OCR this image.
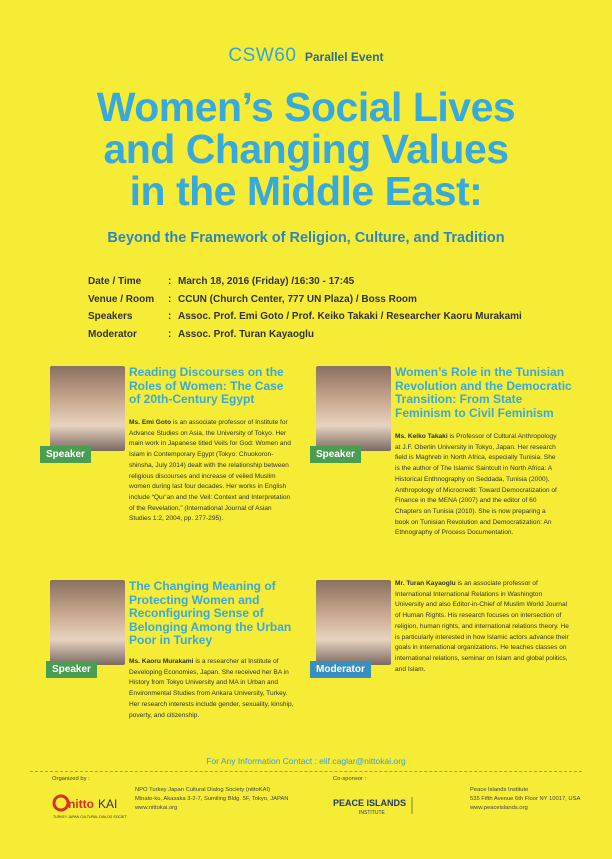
CSW60 Parallel Event
Women’s Social Lives
and Changing Values
in the Middle East:
Beyond the Framework of Religion, Culture, and Tradition
Date / Time	: March 18, 2016 (Friday) /16:30 - 17:45
Venue / Room	: CCUN (Church Center, 777 UN Plaza) / Boss Room
Speakers	: Assoc. Prof. Emi Goto / Prof. Keiko Takaki / Researcher Kaoru Murakami
Moderator	: Assoc. Prof. Turan Kayaoglu
Speaker
Reading Discourses on the Roles of Women: The Case of 20th-Century Egypt
Ms. Emi Goto is an associate professor of Institute for Advance Studies on Asia, the University of Tokyo. Her main work in Japanese titled Veils for God: Women and Islam in Contemporary Egypt (Tokyo: Chuokoron-shinsha, July 2014) dealt with the relationship between religious discourses and increase of veiled Muslim women during last four decades. Her works in English include “Qur’an and the Veil: Context and Interpretation of the Revelation,” (International Journal of Asian Studies 1:2, 2004, pp. 277-295).
Speaker
Women’s Role in the Tunisian Revolution and the Democratic Transition: From State Feminism to Civil Feminism
Ms. Keiko Takaki is Professor of Cultural Anthropology at J.F. Oberlin University in Tokyo, Japan. Her research field is Maghreb in North Africa, especially Tunisia. She is the author of The Islamic Saintcult in North Africa: A Historical Enthnography on Seddada, Tunisia (2000), Anthropology of Microcredit: Toward Democratization of Finance in the MENA (2007) and the editor of 60 Chapters on Tunisia (2010). She is now preparing a book on Tunisian Revolution and Democratization: An Ethnography of Process Documentation.
Speaker
The Changing Meaning of Protecting Women and Reconfiguring Sense of Belonging Among the Urban Poor in Turkey
Ms. Kaoru Murakami is a researcher at Institute of Developing Economies, Japan. She received her BA in History from Tokyo University and MA in Urban and Environmental Studies from Ankara University, Turkey. Her research interests include gender, sexuality, kinship, poverty, and citizenship.
Moderator
Mr. Turan Kayaoglu is an associate professor of International International Relations in Washington University and also Editor-in-Chief of Muslim World Journal of Human Rights. His research focuses on intersection of religion, human rights, and international relations theory. He is particularly interested in how Islamic actors advance their goals in international organizations. He teaches classes on international relations, seminar on Islam and global politics, and Islam.
For Any Information Contact : elif.caglar@nittokai.org
Organized by :
nitto KAI
TURKEY JAPAN CULTURAL DIALOG SOCIETY
NPO Turkey Japan Cultural Dialog Society (nittoKAI)
Minato-ku, Akasaka 3-2-7, Sumiling Bldg. 5F, Tokyo, JAPAN
www.nittokai.org
Co-sponsor :
PEACE ISLANDS
INSTITUTE
Peace Islands Institute
535 Fifth Avenue 6th Floor NY 10017, USA
www.peaceislands.org
